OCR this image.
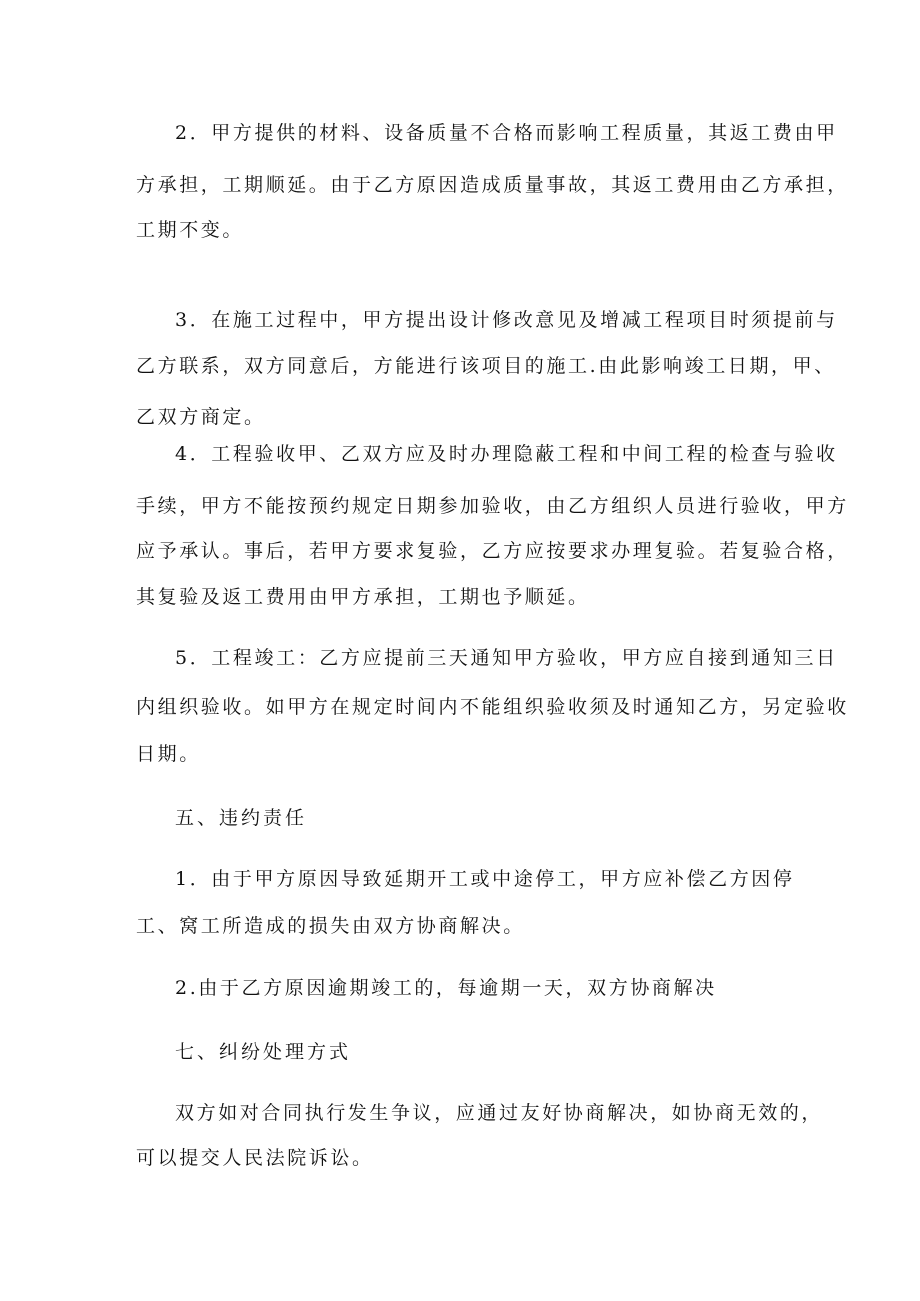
2．甲方提供的材料、设备质量不合格而影响工程质量，其返工费由甲
方承担，工期顺延。由于乙方原因造成质量事故，其返工费用由乙方承担，
工期不变。
3．在施工过程中，甲方提出设计修改意见及增减工程项目时须提前与
乙方联系，双方同意后，方能进行该项目的施工.由此影响竣工日期，甲、
乙双方商定。
4．工程验收甲、乙双方应及时办理隐蔽工程和中间工程的检查与验收
手续，甲方不能按预约规定日期参加验收，由乙方组织人员进行验收，甲方
应予承认。事后，若甲方要求复验，乙方应按要求办理复验。若复验合格，
其复验及返工费用由甲方承担，工期也予顺延。
5．工程竣工：乙方应提前三天通知甲方验收，甲方应自接到通知三日
内组织验收。如甲方在规定时间内不能组织验收须及时通知乙方，另定验收
日期。
五、违约责任
1．由于甲方原因导致延期开工或中途停工，甲方应补偿乙方因停
工、窝工所造成的损失由双方协商解决。
2.由于乙方原因逾期竣工的，每逾期一天，双方协商解决
七、纠纷处理方式
双方如对合同执行发生争议，应通过友好协商解决，如协商无效的，
可以提交人民法院诉讼。
